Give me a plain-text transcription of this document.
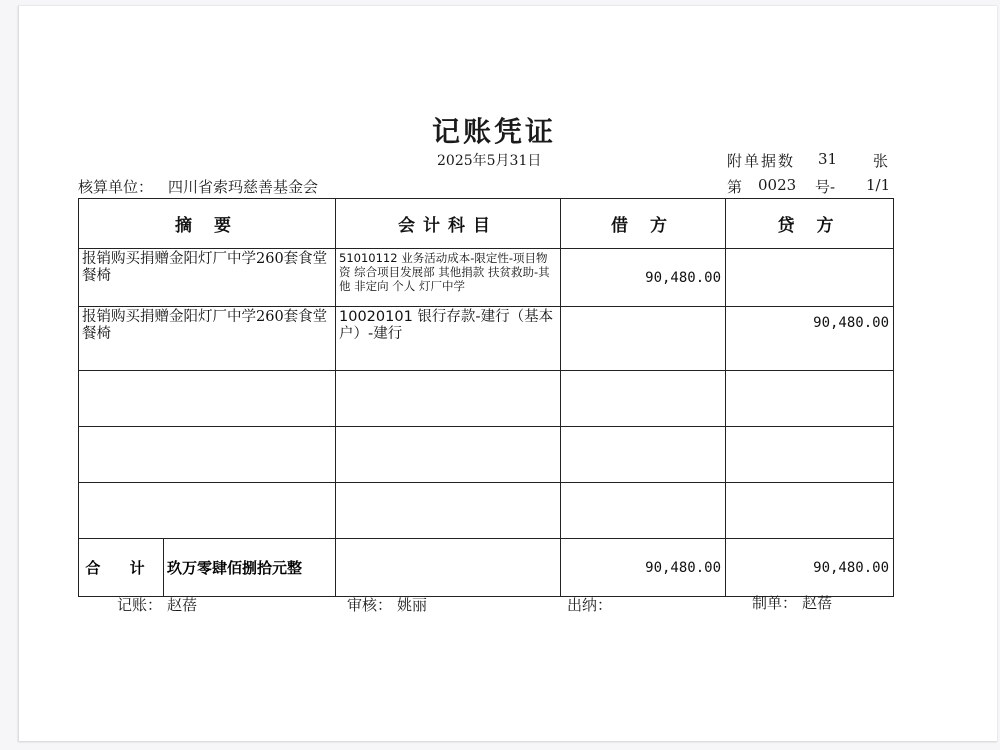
记账凭证
2025年5月31日
核算单位： 四川省索玛慈善基金会
附单据数 31 张
第 0023 号- 1/1
摘 要	会计科目	借 方	贷 方
报销购买捐赠金阳灯厂中学260套食堂餐椅	51010112 业务活动成本-限定性-项目物资 综合项目发展部 其他捐款 扶贫救助-其他 非定向 个人 灯厂中学	90,480.00	
报销购买捐赠金阳灯厂中学260套食堂餐椅	10020101 银行存款-建行（基本户）-建行		90,480.00

合 计 玖万零肆佰捌拾元整		90,480.00	90,480.00
记账： 赵蓓	审核： 姚丽	出纳：	制单： 赵蓓
